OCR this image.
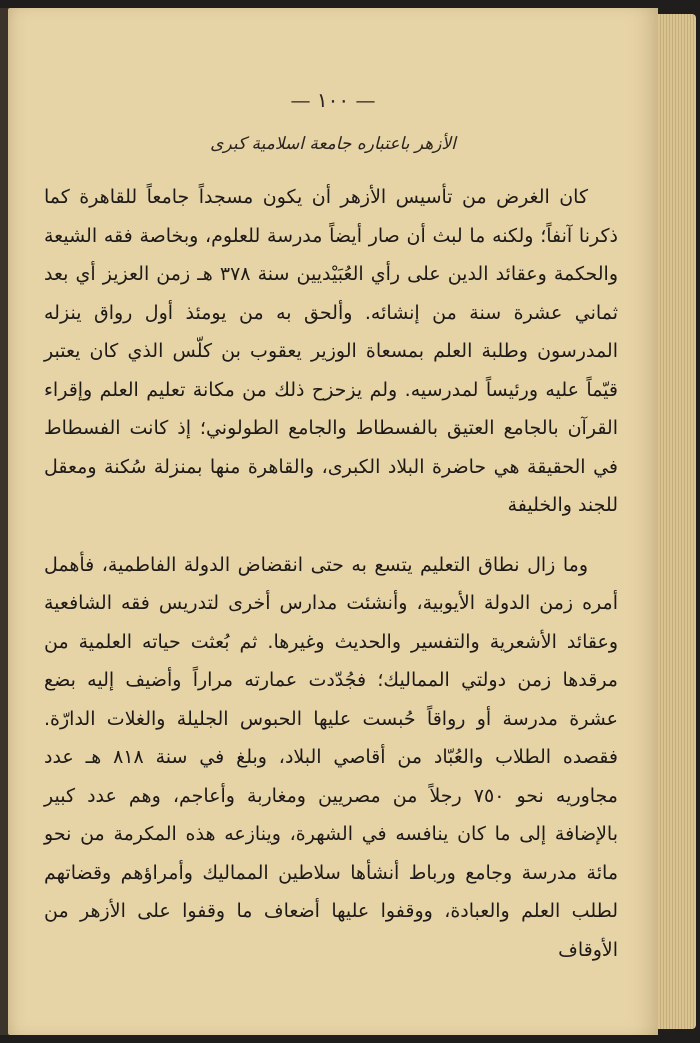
— ١٠٠ —
الأزهر باعتباره جامعة اسلامية كبرى

كان الغرض من تأسيس الأزهر أن يكون مسجداً جامعاً للقاهرة كما ذكرنا آنفاً؛ ولكنه ما لبث أن صار أيضاً مدرسة للعلوم، وبخاصة فقه الشيعة والحكمة وعقائد الدين على رأي العُبَيْديين سنة ٣٧٨ هـ زمن العزيز أي بعد ثماني عشرة سنة من إنشائه. وألحق به من يومئذ أول رواق ينزله المدرسون وطلبة العلم بمسعاة الوزير يعقوب بن كلّس الذي كان يعتبر قيّماً عليه ورئيساً لمدرسيه. ولم يزحزح ذلك من مكانة تعليم العلم وإقراء القرآن بالجامع العتيق بالفسطاط والجامع الطولوني؛ إذ كانت الفسطاط في الحقيقة هي حاضرة البلاد الكبرى، والقاهرة منها بمنزلة سُكنة ومعقل للجند والخليفة

وما زال نطاق التعليم يتسع به حتى انقضاض الدولة الفاطمية، فأهمل أمره زمن الدولة الأيوبية، وأنشئت مدارس أخرى لتدريس فقه الشافعية وعقائد الأشعرية والتفسير والحديث وغيرها. ثم بُعثت حياته العلمية من مرقدها زمن دولتي المماليك؛ فجُدّدت عمارته مراراً وأضيف إليه بضع عشرة مدرسة أو رواقاً حُبست عليها الحبوس الجليلة والغلات الدارّة. فقصده الطلاب والعُبّاد من أقاصي البلاد، وبلغ في سنة ٨١٨ هـ عدد مجاوريه نحو ٧٥٠ رجلاً من مصريين ومغاربة وأعاجم، وهم عدد كبير بالإضافة إلى ما كان ينافسه في الشهرة، وينازعه هذه المكرمة من نحو مائة مدرسة وجامع ورباط أنشأها سلاطين المماليك وأمراؤهم وقضاتهم لطلب العلم والعبادة، ووقفوا عليها أضعاف ما وقفوا على الأزهر من الأوقاف
